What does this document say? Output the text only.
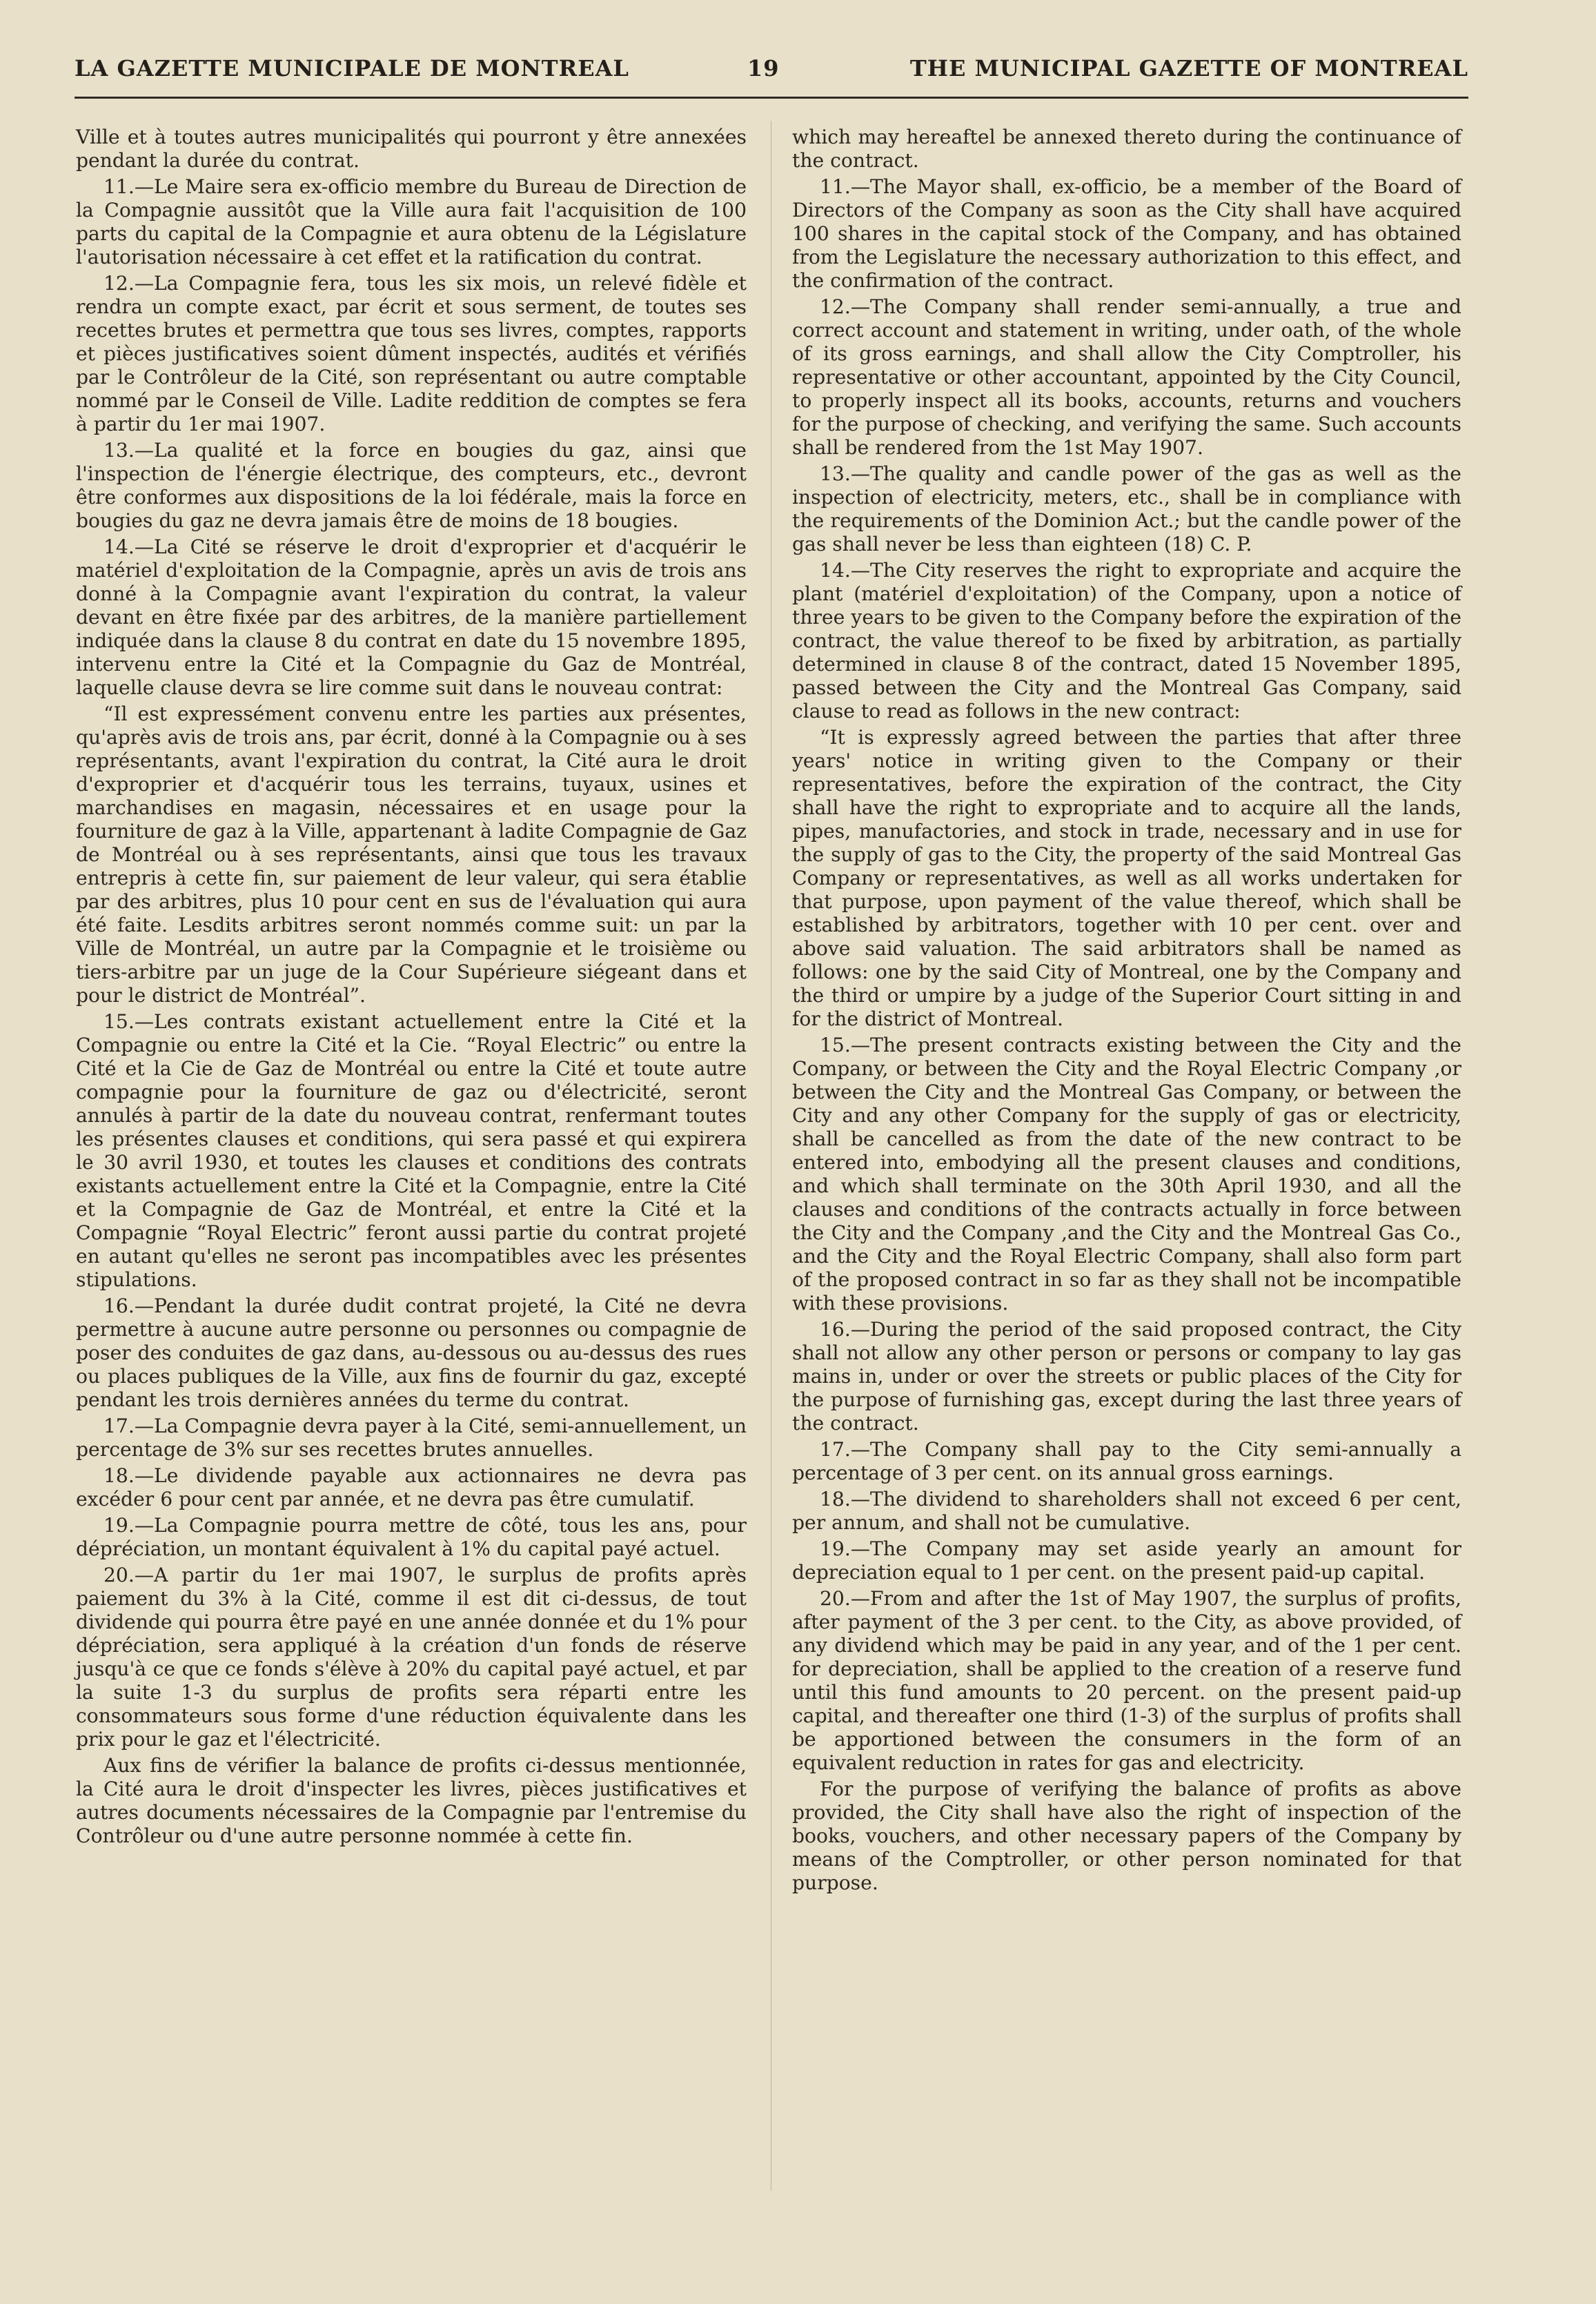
LA GAZETTE MUNICIPALE DE MONTREAL	19	THE MUNICIPAL GAZETTE OF MONTREAL

Ville et à toutes autres municipalités qui pourront y être annexées pendant la durée du contrat.

11.—Le Maire sera ex-officio membre du Bureau de Direction de la Compagnie aussitôt que la Ville aura fait l'acquisition de 100 parts du capital de la Compagnie et aura obtenu de la Législature l'autorisation nécessaire à cet effet et la ratification du contrat.

12.—La Compagnie fera, tous les six mois, un relevé fidèle et rendra un compte exact, par écrit et sous serment, de toutes ses recettes brutes et permettra que tous ses livres, comptes, rapports et pièces justificatives soient dûment inspectés, audités et vérifiés par le Contrôleur de la Cité, son représentant ou autre comptable nommé par le Conseil de Ville. Ladite reddition de comptes se fera à partir du 1er mai 1907.

13.—La qualité et la force en bougies du gaz, ainsi que l'inspection de l'énergie électrique, des compteurs, etc., devront être conformes aux dispositions de la loi fédérale, mais la force en bougies du gaz ne devra jamais être de moins de 18 bougies.

14.—La Cité se réserve le droit d'exproprier et d'acquérir le matériel d'exploitation de la Compagnie, après un avis de trois ans donné à la Compagnie avant l'expiration du contrat, la valeur devant en être fixée par des arbitres, de la manière partiellement indiquée dans la clause 8 du contrat en date du 15 novembre 1895, intervenu entre la Cité et la Compagnie du Gaz de Montréal, laquelle clause devra se lire comme suit dans le nouveau contrat:

“Il est expressément convenu entre les parties aux présentes, qu'après avis de trois ans, par écrit, donné à la Compagnie ou à ses représentants, avant l'expiration du contrat, la Cité aura le droit d'exproprier et d'acquérir tous les terrains, tuyaux, usines et marchandises en magasin, nécessaires et en usage pour la fourniture de gaz à la Ville, appartenant à ladite Compagnie de Gaz de Montréal ou à ses représentants, ainsi que tous les travaux entrepris à cette fin, sur paiement de leur valeur, qui sera établie par des arbitres, plus 10 pour cent en sus de l'évaluation qui aura été faite. Lesdits arbitres seront nommés comme suit: un par la Ville de Montréal, un autre par la Compagnie et le troisième ou tiers-arbitre par un juge de la Cour Supérieure siégeant dans et pour le district de Montréal”.

15.—Les contrats existant actuellement entre la Cité et la Compagnie ou entre la Cité et la Cie. “Royal Electric” ou entre la Cité et la Cie de Gaz de Montréal ou entre la Cité et toute autre compagnie pour la fourniture de gaz ou d'électricité, seront annulés à partir de la date du nouveau contrat, renfermant toutes les présentes clauses et conditions, qui sera passé et qui expirera le 30 avril 1930, et toutes les clauses et conditions des contrats existants actuellement entre la Cité et la Compagnie, entre la Cité et la Compagnie de Gaz de Montréal, et entre la Cité et la Compagnie “Royal Electric” feront aussi partie du contrat projeté en autant qu'elles ne seront pas incompatibles avec les présentes stipulations.

16.—Pendant la durée dudit contrat projeté, la Cité ne devra permettre à aucune autre personne ou personnes ou compagnie de poser des conduites de gaz dans, au-dessous ou au-dessus des rues ou places publiques de la Ville, aux fins de fournir du gaz, excepté pendant les trois dernières années du terme du contrat.

17.—La Compagnie devra payer à la Cité, semi-annuellement, un percentage de 3% sur ses recettes brutes annuelles.

18.—Le dividende payable aux actionnaires ne devra pas excéder 6 pour cent par année, et ne devra pas être cumulatif.

19.—La Compagnie pourra mettre de côté, tous les ans, pour dépréciation, un montant équivalent à 1% du capital payé actuel.

20.—A partir du 1er mai 1907, le surplus de profits après paiement du 3% à la Cité, comme il est dit ci-dessus, de tout dividende qui pourra être payé en une année donnée et du 1% pour dépréciation, sera appliqué à la création d'un fonds de réserve jusqu'à ce que ce fonds s'élève à 20% du capital payé actuel, et par la suite 1-3 du surplus de profits sera réparti entre les consommateurs sous forme d'une réduction équivalente dans les prix pour le gaz et l'électricité.

Aux fins de vérifier la balance de profits ci-dessus mentionnée, la Cité aura le droit d'inspecter les livres, pièces justificatives et autres documents nécessaires de la Compagnie par l'entremise du Contrôleur ou d'une autre personne nommée à cette fin.

which may hereaftel be annexed thereto during the continuance of the contract.

11.—The Mayor shall, ex-officio, be a member of the Board of Directors of the Company as soon as the City shall have acquired 100 shares in the capital stock of the Company, and has obtained from the Legislature the necessary authorization to this effect, and the confirmation of the contract.

12.—The Company shall render semi-annually, a true and correct account and statement in writing, under oath, of the whole of its gross earnings, and shall allow the City Comptroller, his representative or other accountant, appointed by the City Council, to properly inspect all its books, accounts, returns and vouchers for the purpose of checking, and verifying the same. Such accounts shall be rendered from the 1st May 1907.

13.—The quality and candle power of the gas as well as the inspection of electricity, meters, etc., shall be in compliance with the requirements of the Dominion Act.; but the candle power of the gas shall never be less than eighteen (18) C. P.

14.—The City reserves the right to expropriate and acquire the plant (matériel d'exploitation) of the Company, upon a notice of three years to be given to the Company before the expiration of the contract, the value thereof to be fixed by arbitration, as partially determined in clause 8 of the contract, dated 15 November 1895, passed between the City and the Montreal Gas Company, said clause to read as follows in the new contract:

“It is expressly agreed between the parties that after three years' notice in writing given to the Company or their representatives, before the expiration of the contract, the City shall have the right to expropriate and to acquire all the lands, pipes, manufactories, and stock in trade, necessary and in use for the supply of gas to the City, the property of the said Montreal Gas Company or representatives, as well as all works undertaken for that purpose, upon payment of the value thereof, which shall be established by arbitrators, together with 10 per cent. over and above said valuation. The said arbitrators shall be named as follows: one by the said City of Montreal, one by the Company and the third or umpire by a judge of the Superior Court sitting in and for the district of Montreal.

15.—The present contracts existing between the City and the Company, or between the City and the Royal Electric Company ,or between the City and the Montreal Gas Company, or between the City and any other Company for the supply of gas or electricity, shall be cancelled as from the date of the new contract to be entered into, embodying all the present clauses and conditions, and which shall terminate on the 30th April 1930, and all the clauses and conditions of the contracts actually in force between the City and the Company ,and the City and the Montreal Gas Co., and the City and the Royal Electric Company, shall also form part of the proposed contract in so far as they shall not be incompatible with these provisions.

16.—During the period of the said proposed contract, the City shall not allow any other person or persons or company to lay gas mains in, under or over the streets or public places of the City for the purpose of furnishing gas, except during the last three years of the contract.

17.—The Company shall pay to the City semi-annually a percentage of 3 per cent. on its annual gross earnings.

18.—The dividend to shareholders shall not exceed 6 per cent, per annum, and shall not be cumulative.

19.—The Company may set aside yearly an amount for depreciation equal to 1 per cent. on the present paid-up capital.

20.—From and after the 1st of May 1907, the surplus of profits, after payment of the 3 per cent. to the City, as above provided, of any dividend which may be paid in any year, and of the 1 per cent. for depreciation, shall be applied to the creation of a reserve fund until this fund amounts to 20 percent. on the present paid-up capital, and thereafter one third (1-3) of the surplus of profits shall be apportioned between the consumers in the form of an equivalent reduction in rates for gas and electricity.

For the purpose of verifying the balance of profits as above provided, the City shall have also the right of inspection of the books, vouchers, and other necessary papers of the Company by means of the Comptroller, or other person nominated for that purpose.
